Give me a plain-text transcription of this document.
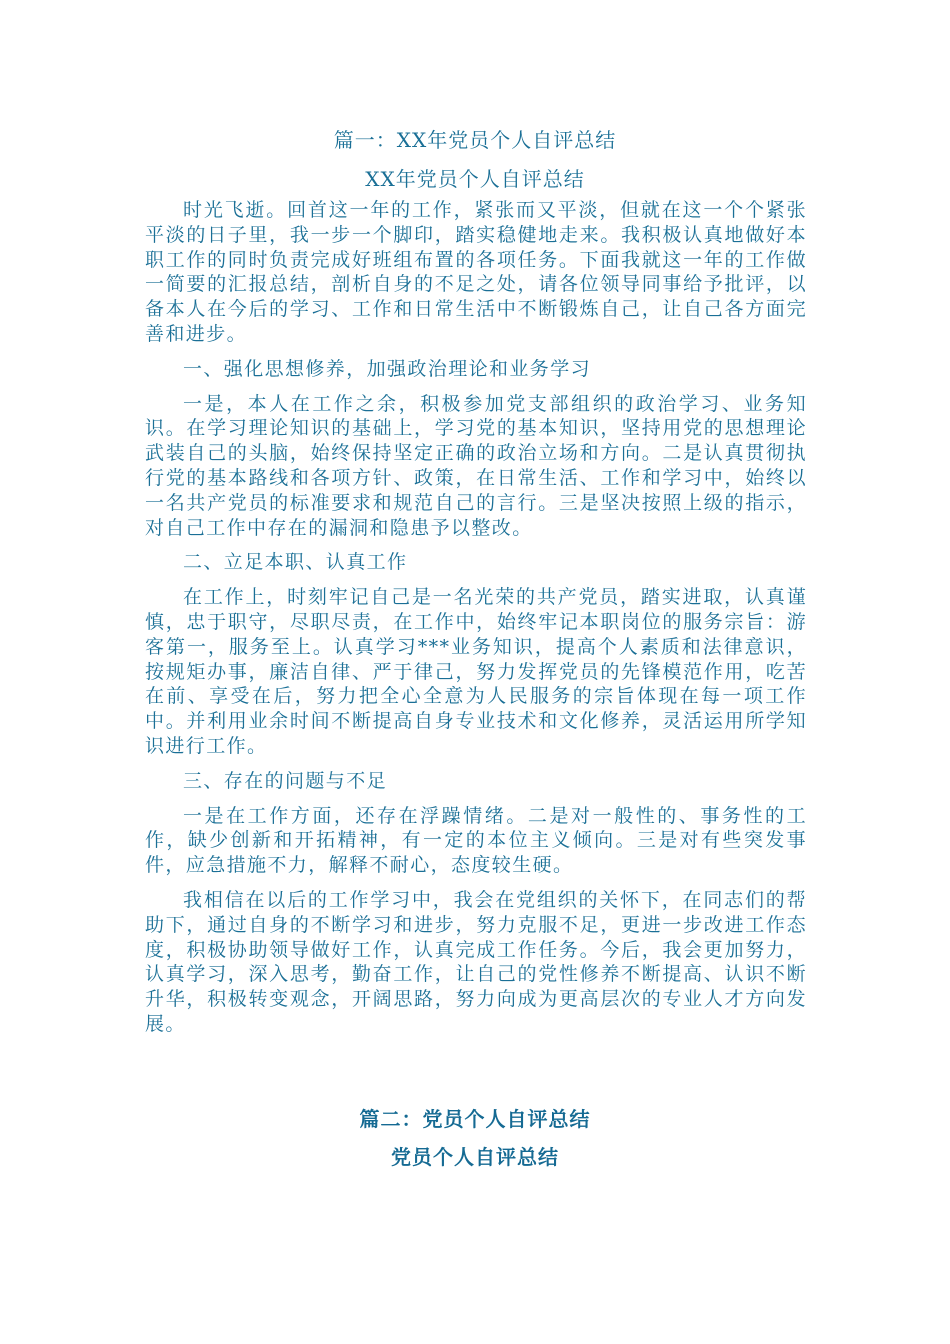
篇一：XX年党员个人自评总结
XX年党员个人自评总结

时光飞逝。回首这一年的工作，紧张而又平淡，但就在这一个个紧张平淡的日子里，我一步一个脚印，踏实稳健地走来。我积极认真地做好本职工作的同时负责完成好班组布置的各项任务。下面我就这一年的工作做一简要的汇报总结，剖析自身的不足之处，请各位领导同事给予批评，以备本人在今后的学习、工作和日常生活中不断锻炼自己，让自己各方面完善和进步。

一、强化思想修养，加强政治理论和业务学习

一是，本人在工作之余，积极参加党支部组织的政治学习、业务知识。在学习理论知识的基础上，学习党的基本知识，坚持用党的思想理论武装自己的头脑，始终保持坚定正确的政治立场和方向。二是认真贯彻执行党的基本路线和各项方针、政策，在日常生活、工作和学习中，始终以一名共产党员的标准要求和规范自己的言行。三是坚决按照上级的指示，对自己工作中存在的漏洞和隐患予以整改。

二、立足本职、认真工作

在工作上，时刻牢记自己是一名光荣的共产党员，踏实进取，认真谨慎，忠于职守，尽职尽责，在工作中，始终牢记本职岗位的服务宗旨：游客第一，服务至上。认真学习***业务知识，提高个人素质和法律意识，按规矩办事，廉洁自律、严于律己，努力发挥党员的先锋模范作用，吃苦在前、享受在后，努力把全心全意为人民服务的宗旨体现在每一项工作中。并利用业余时间不断提高自身专业技术和文化修养，灵活运用所学知识进行工作。

三、存在的问题与不足

一是在工作方面，还存在浮躁情绪。二是对一般性的、事务性的工作，缺少创新和开拓精神，有一定的本位主义倾向。三是对有些突发事件，应急措施不力，解释不耐心，态度较生硬。

我相信在以后的工作学习中，我会在党组织的关怀下，在同志们的帮助下，通过自身的不断学习和进步，努力克服不足，更进一步改进工作态度，积极协助领导做好工作，认真完成工作任务。今后，我会更加努力，认真学习，深入思考，勤奋工作，让自己的党性修养不断提高、认识不断升华，积极转变观念，开阔思路，努力向成为更高层次的专业人才方向发展。

篇二：党员个人自评总结
党员个人自评总结
